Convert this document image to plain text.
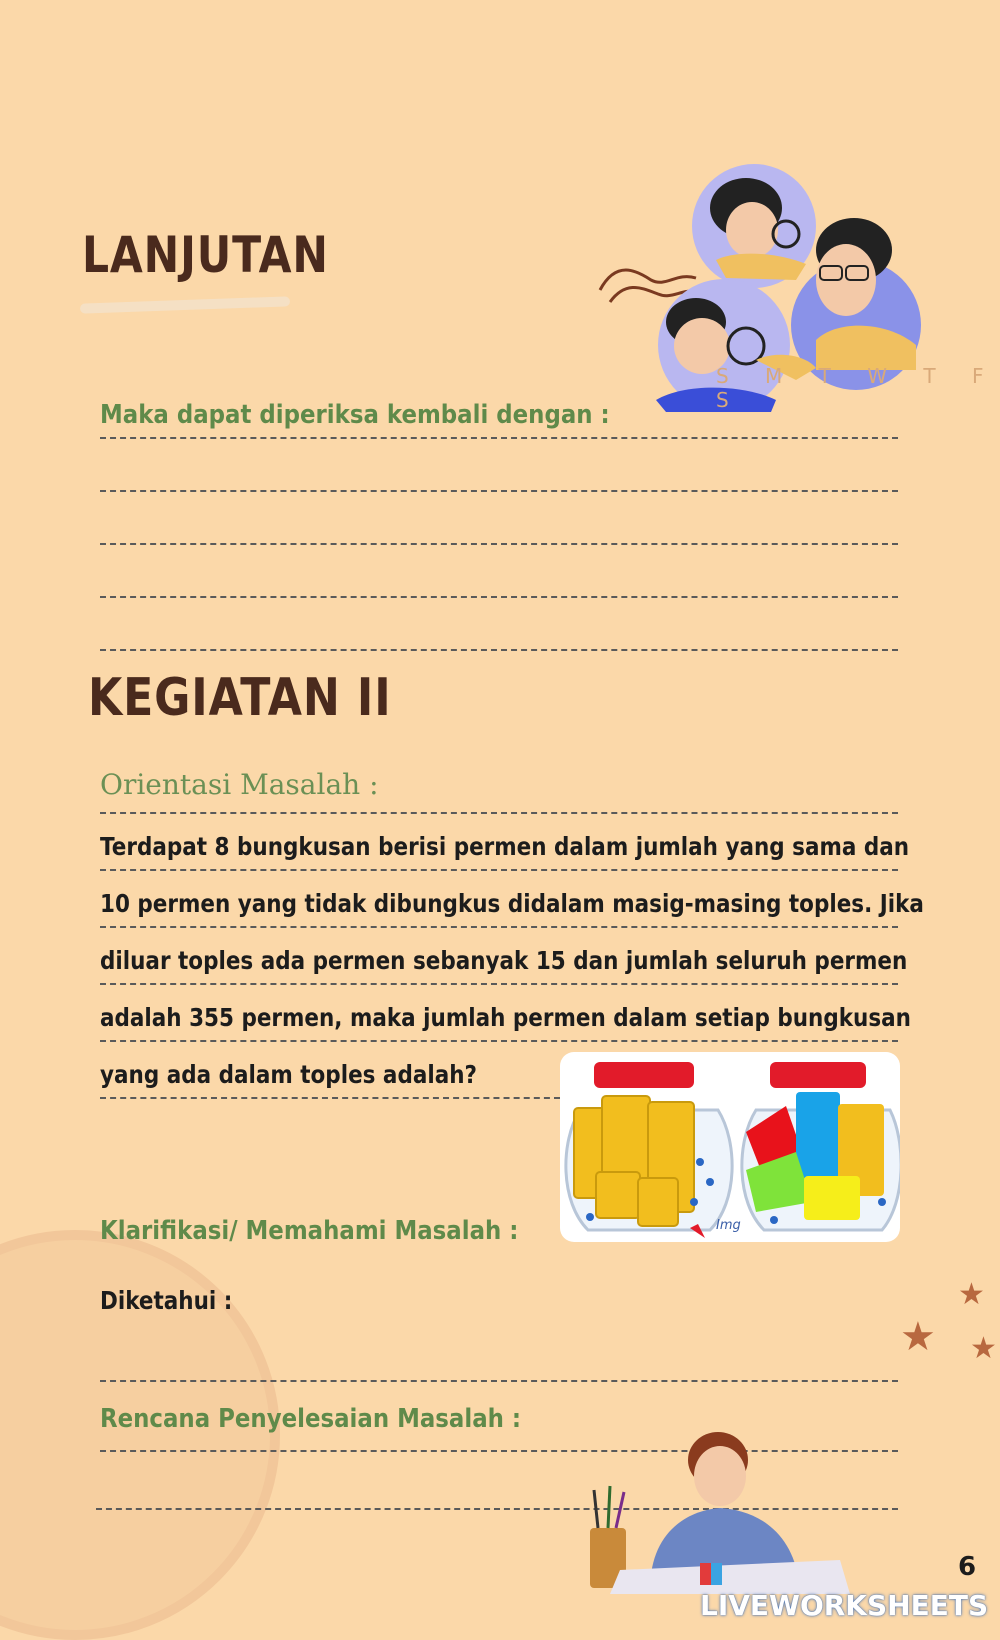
S M T W T F S
LANJUTAN
Maka dapat diperiksa kembali dengan :
KEGIATAN II
Orientasi Masalah :
Terdapat 8 bungkusan berisi permen dalam jumlah yang sama dan
10 permen yang tidak dibungkus didalam masig-masing toples. Jika
diluar toples ada permen sebanyak 15 dan jumlah seluruh permen
adalah 355 permen, maka jumlah permen dalam setiap bungkusan
yang ada dalam toples adalah?
Img
Klarifikasi/ Memahami Masalah :
Diketahui :
Rencana Penyelesaian Masalah :
★
★ ★
LIVEWORKSHEETS
6
